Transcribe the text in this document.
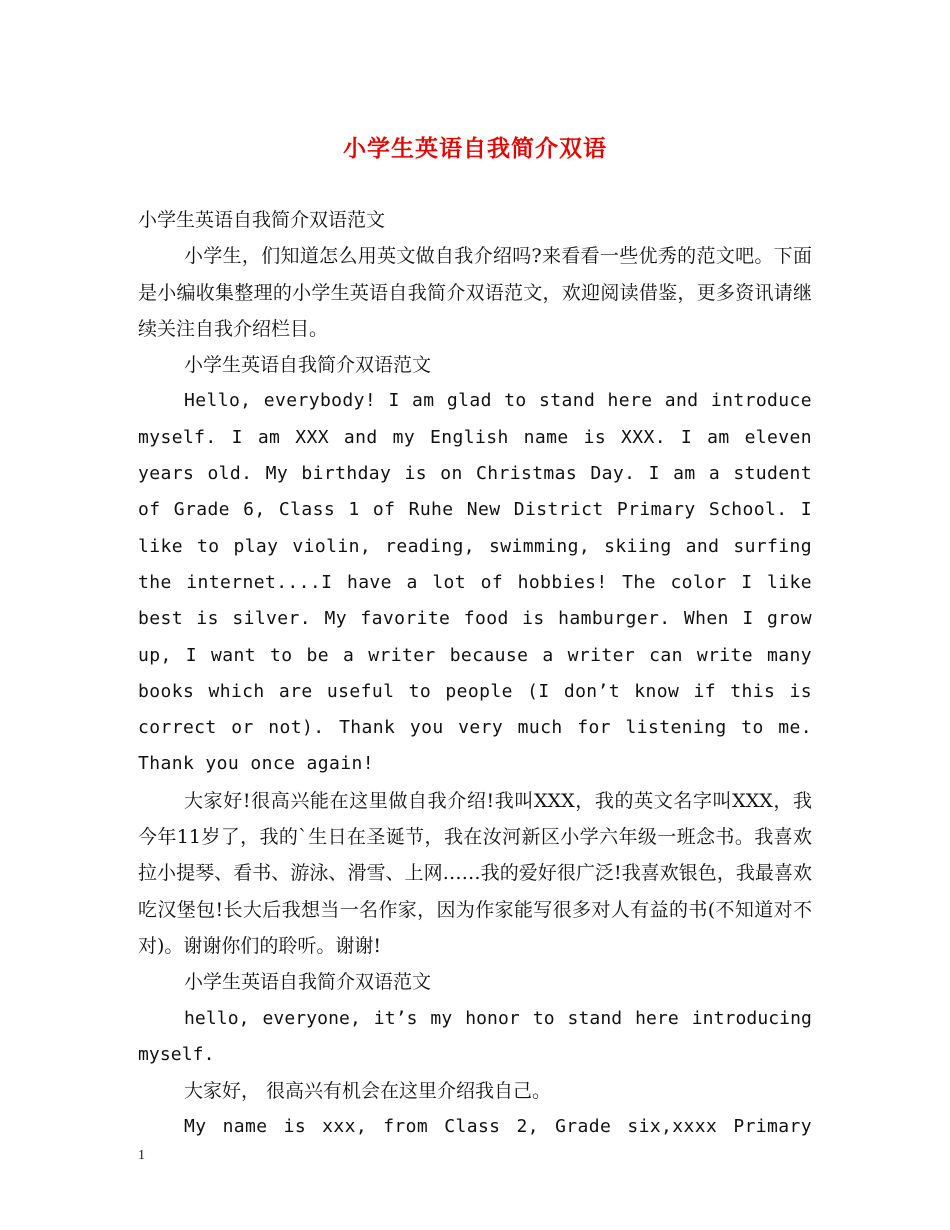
小学生英语自我简介双语

小学生英语自我简介双语范文

小学生，们知道怎么用英文做自我介绍吗?来看看一些优秀的范文吧。下面是小编收集整理的小学生英语自我简介双语范文，欢迎阅读借鉴，更多资讯请继续关注自我介绍栏目。

小学生英语自我简介双语范文

Hello, everybody! I am glad to stand here and introduce myself. I am XXX and my English name is XXX. I am eleven years old. My birthday is on Christmas Day. I am a student of Grade 6, Class 1 of Ruhe New District Primary School. I like to play violin, reading, swimming, skiing and surfing the internet....I have a lot of hobbies! The color I like best is silver. My favorite food is hamburger. When I grow up, I want to be a writer because a writer can write many books which are useful to people (I don’t know if this is correct or not). Thank you very much for listening to me. Thank you once again!

大家好!很高兴能在这里做自我介绍!我叫XXX，我的英文名字叫XXX，我今年11岁了，我的`生日在圣诞节，我在汝河新区小学六年级一班念书。我喜欢拉小提琴、看书、游泳、滑雪、上网……我的爱好很广泛!我喜欢银色，我最喜欢吃汉堡包!长大后我想当一名作家，因为作家能写很多对人有益的书(不知道对不对)。谢谢你们的聆听。谢谢!

小学生英语自我简介双语范文

hello, everyone, it’s my honor to stand here introducing myself.

大家好， 很高兴有机会在这里介绍我自己。

My name is xxx, from Class 2, Grade six,xxxx Primary

1
